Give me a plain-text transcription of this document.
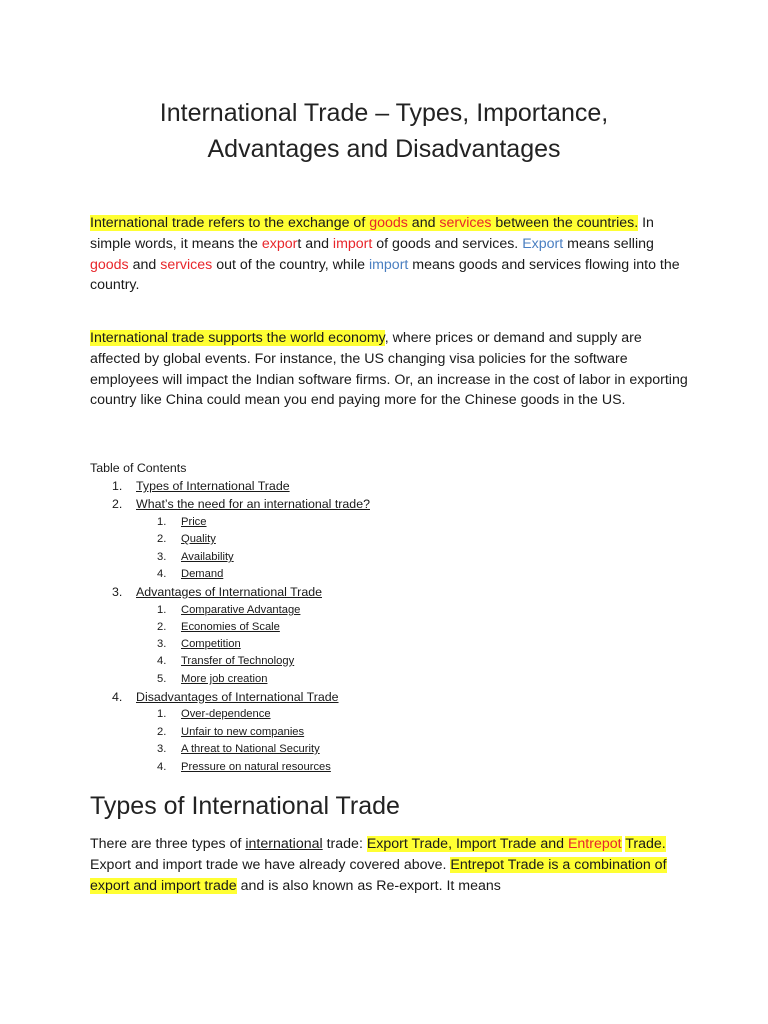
International Trade – Types, Importance,
Advantages and Disadvantages
International trade refers to the exchange of goods and services between the countries. In simple words, it means the export and import of goods and services. Export means selling goods and services out of the country, while import means goods and services flowing into the country.
International trade supports the world economy, where prices or demand and supply are affected by global events. For instance, the US changing visa policies for the software employees will impact the Indian software firms. Or, an increase in the cost of labor in exporting country like China could mean you end paying more for the Chinese goods in the US.
Table of Contents
1. Types of International Trade
2. What’s the need for an international trade?
1. Price
2. Quality
3. Availability
4. Demand
3. Advantages of International Trade
1. Comparative Advantage
2. Economies of Scale
3. Competition
4. Transfer of Technology
5. More job creation
4. Disadvantages of International Trade
1. Over-dependence
2. Unfair to new companies
3. A threat to National Security
4. Pressure on natural resources
Types of International Trade
There are three types of international trade: Export Trade, Import Trade and Entrepot Trade. Export and import trade we have already covered above. Entrepot Trade is a combination of export and import trade and is also known as Re-export. It means
